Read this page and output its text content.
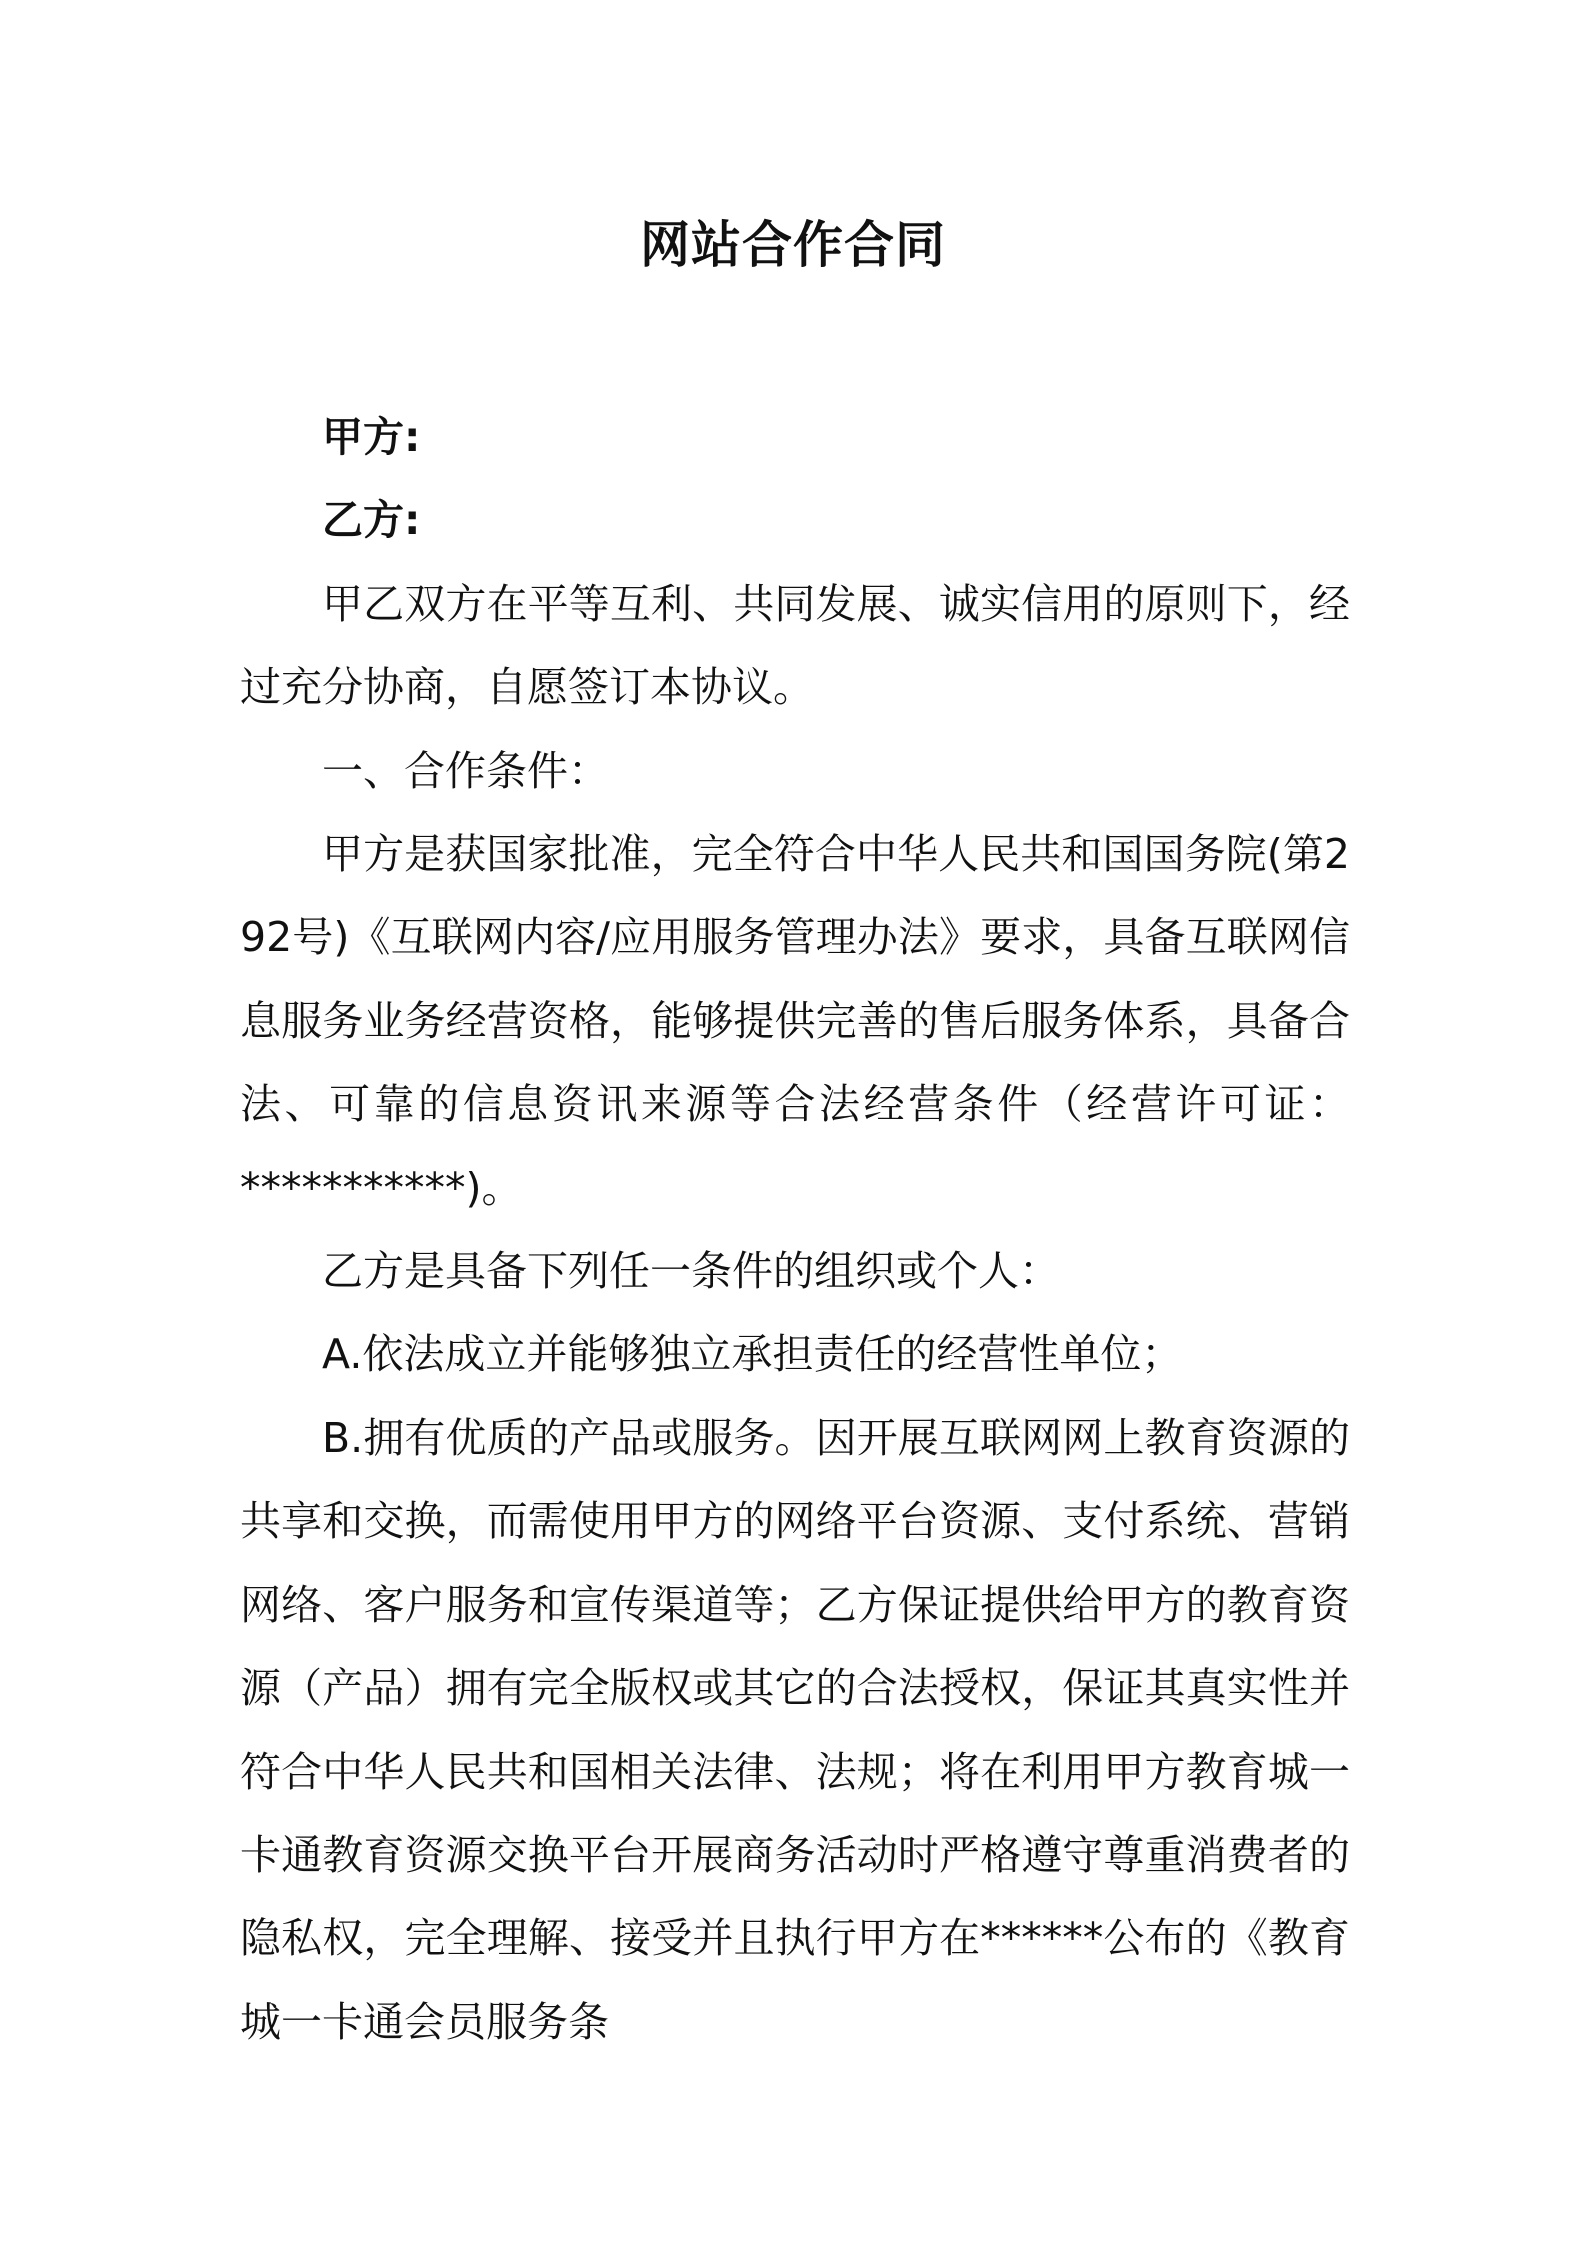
网站合作合同

甲方:

乙方:

甲乙双方在平等互利、共同发展、诚实信用的原则下，经过充分协商，自愿签订本协议。

一、合作条件：

甲方是获国家批准，完全符合中华人民共和国国务院(第292号)《互联网内容/应用服务管理办法》要求，具备互联网信息服务业务经营资格，能够提供完善的售后服务体系，具备合法、可靠的信息资讯来源等合法经营条件（经营许可证：

***********)。

乙方是具备下列任一条件的组织或个人：

A.依法成立并能够独立承担责任的经营性单位；

B.拥有优质的产品或服务。因开展互联网网上教育资源的共享和交换，而需使用甲方的网络平台资源、支付系统、营销网络、客户服务和宣传渠道等；乙方保证提供给甲方的教育资源（产品）拥有完全版权或其它的合法授权，保证其真实性并符合中华人民共和国相关法律、法规；将在利用甲方教育城一卡通教育资源交换平台开展商务活动时严格遵守尊重消费者的隐私权，完全理解、接受并且执行甲方在******公布的《教育城一卡通会员服务条
